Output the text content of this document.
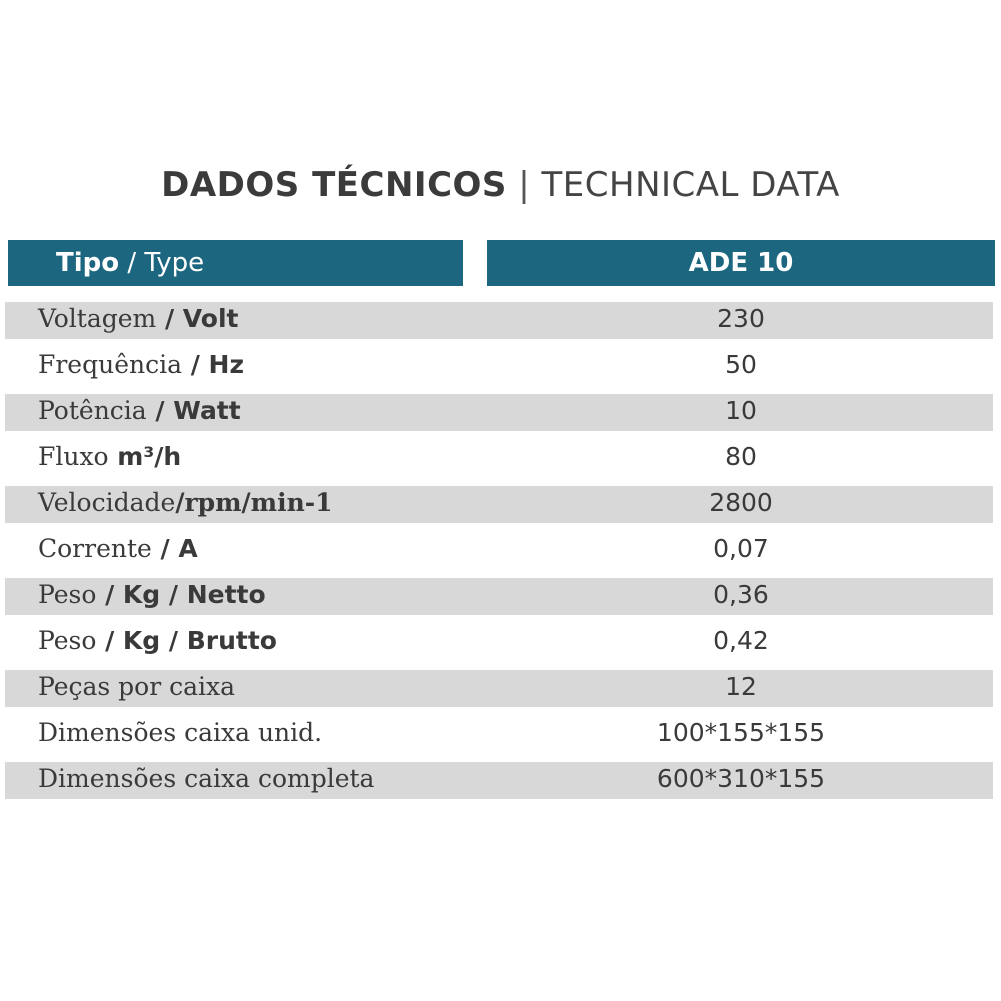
DADOS TÉCNICOS | TECHNICAL DATA
Tipo / Type	ADE 10
Voltagem / Volt	230
Frequência / Hz	50
Potência / Watt	10
Fluxo m³/h	80
Velocidade/rpm/min-1	2800
Corrente / A	0,07
Peso / Kg / Netto	0,36
Peso / Kg / Brutto	0,42
Peças por caixa	12
Dimensões caixa unid.	100*155*155
Dimensões caixa completa	600*310*155
